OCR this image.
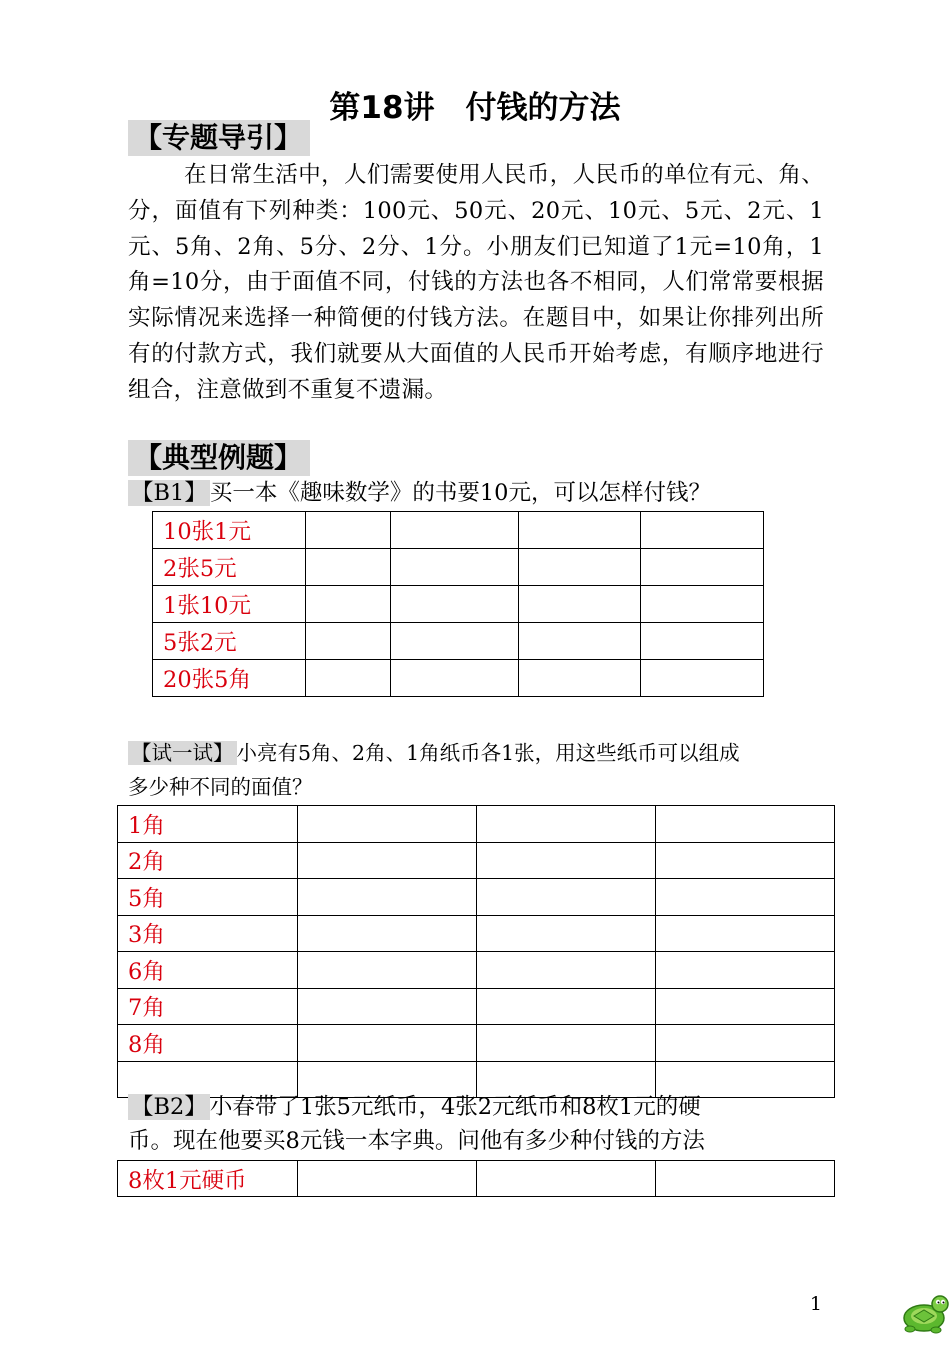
第18讲　付钱的方法
【专题导引】
在日常生活中，人们需要使用人民币，人民币的单位有元、角、分，面值有下列种类：100元、50元、20元、10元、5元、2元、1元、5角、2角、5分、2分、1分。小朋友们已知道了1元=10角，1角=10分，由于面值不同，付钱的方法也各不相同，人们常常要根据实际情况来选择一种简便的付钱方法。在题目中，如果让你排列出所有的付款方式，我们就要从大面值的人民币开始考虑，有顺序地进行组合，注意做到不重复不遗漏。
【典型例题】
【B1】 买一本《趣味数学》的书要10元，可以怎样付钱？
10张1元				
2张5元				
1张10元				
5张2元				
20张5角				
【试一试】 小亮有5角、2角、1角纸币各1张，用这些纸币可以组成
多少种不同的面值？
1角			
2角			
5角			
3角			
6角			
7角			
8角			

【B2】 小春带了1张5元纸币，4张2元纸币和8枚1元的硬
币。现在他要买8元钱一本字典。问他有多少种付钱的方法
8枚1元硬币			
1
